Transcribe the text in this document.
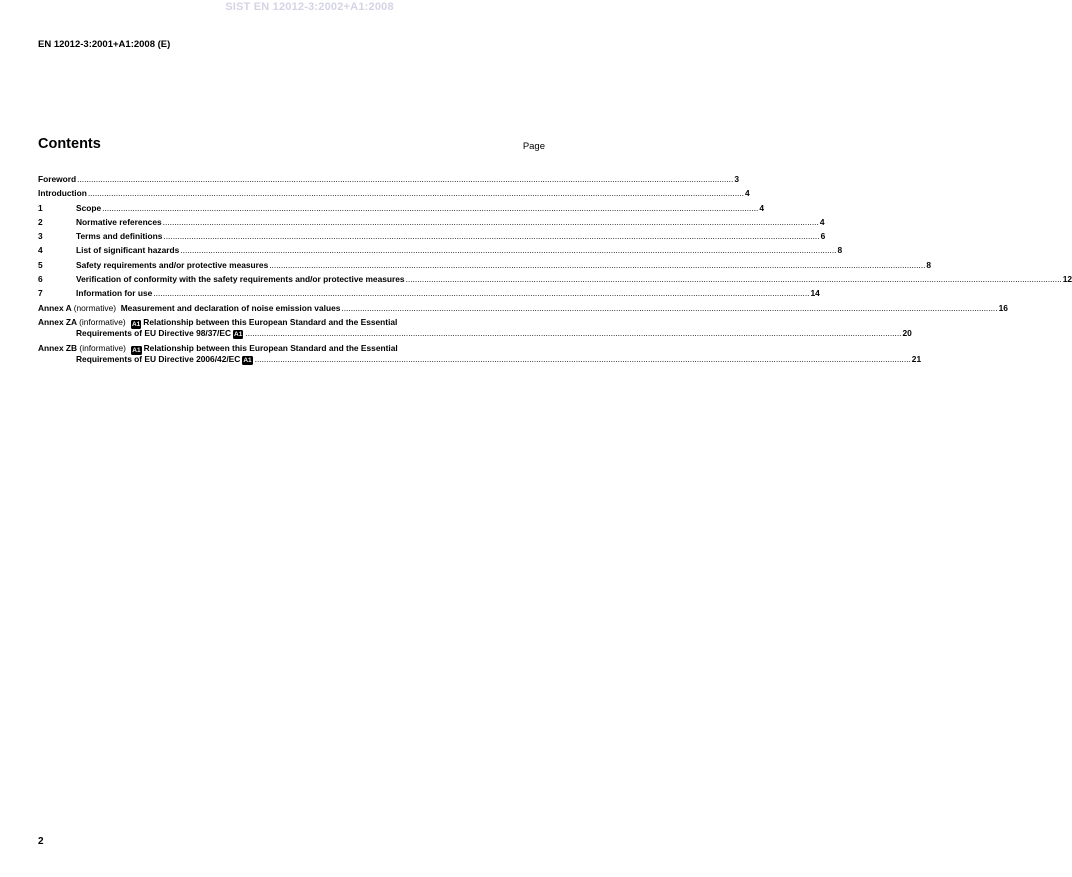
SIST EN 12012-3:2002+A1:2008
EN 12012-3:2001+A1:2008 (E)
Contents	Page
Foreword .......................................................................................................................................................................................................................................................................................... 3
Introduction .......................................................................................................................................................................................................................................................................................... 4
1	Scope .......................................................................................................................................................................................................................................................................................... 4
2	Normative references .......................................................................................................................................................................................................................................................................................... 4
3	Terms and definitions .......................................................................................................................................................................................................................................................................................... 6
4	List of significant hazards .......................................................................................................................................................................................................................................................................................... 8
5	Safety requirements and/or protective measures .......................................................................................................................................................................................................................................................................................... 8
6	Verification of conformity with the safety requirements and/or protective measures .......................................................................................................................................................................................................................................................................................... 12
7	Information for use .......................................................................................................................................................................................................................................................................................... 14
Annex A (normative) Measurement and declaration of noise emission values .......................................................................................................................................................................................................................................................................................... 16
Annex ZA (informative) A1 Relationship between this European Standard and the Essential
Requirements of EU Directive 98/37/EC A1 .......................................................................................................................................................................................................................................................................................... 20
Annex ZB (informative) A1 Relationship between this European Standard and the Essential
Requirements of EU Directive 2006/42/EC A1 .......................................................................................................................................................................................................................................................................................... 21
2
